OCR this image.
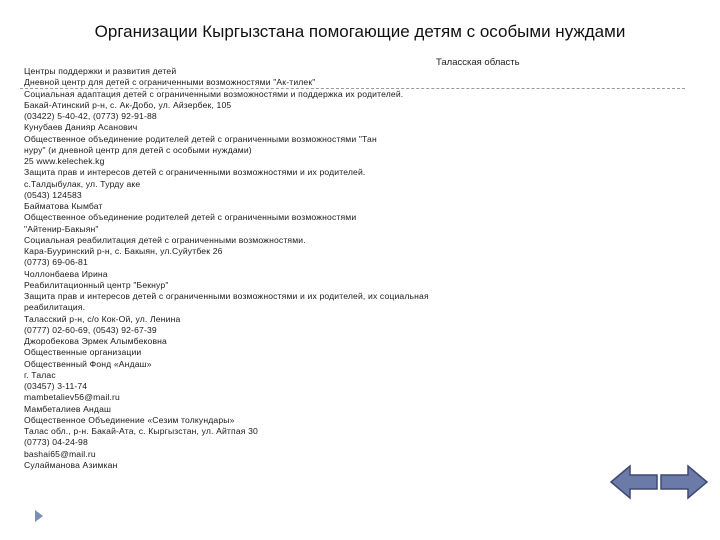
Организации Кыргызстана помогающие детям с особыми нуждами
Таласская область
Центры поддержки и развития детей
Дневной центр для детей с ограниченными возможностями "Ак-тилек"
Социальная адаптация детей с ограниченными возможностями и поддержка их родителей.
Бакай-Атинский р-н, с. Ак-Добо, ул. Айзербек, 105
(03422) 5-40-42, (0773) 92-91-88
Кунубаев Данияр Асанович
Общественное объединение родителей детей с ограниченными возможностями "Тан
нуру" (и дневной центр для детей с особыми нуждами)
25 www.kelechek.kg
Защита прав и интересов детей с ограниченными возможностями и их родителей.
с.Талдыбулак, ул. Турду аке
(0543) 124583
Байматова Кымбат
Общественное объединение родителей детей с ограниченными возможностями
"Айтенир-Бакыян"
Социальная реабилитация детей с ограниченными возможностями.
Кара-Бууринский р-н, с. Бакыян, ул.Суйутбек 26
(0773) 69-06-81
Чоллонбаева Ирина
Реабилитационный центр "Бекнур"
Защита прав и интересов детей с ограниченными возможностями и их родителей, их социальная
реабилитация.
Таласский р-н, с/о Кок-Ой, ул. Ленина
(0777) 02-60-69, (0543) 92-67-39
Джоробекова Эрмек Алымбековна
Общественные организации
Общественный Фонд «Андаш»
г. Талас
(03457) 3-11-74
mambetaliev56@mail.ru
Мамбеталиев Андаш
Общественное Объединение «Сезим толкундары»
Талас обл., р-н. Бакай-Ата, с. Кыргызстан, ул. Айтпая 30
(0773) 04-24-98
bashai65@mail.ru
Сулайманова Азимкан
